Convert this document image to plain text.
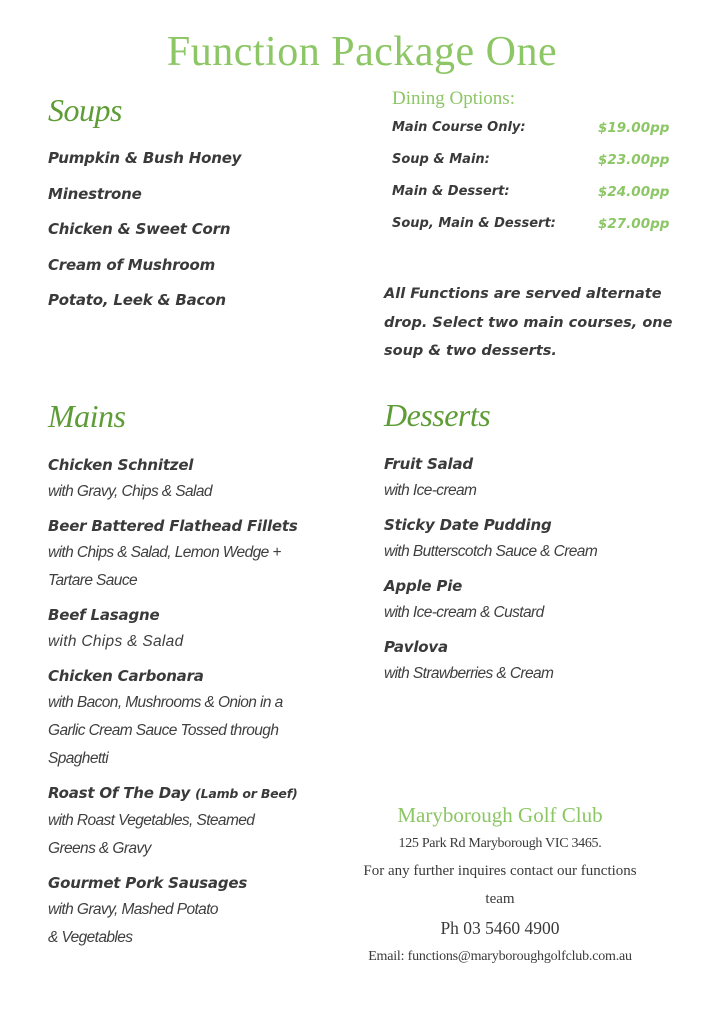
Function Package One
Soups
Pumpkin & Bush Honey
Minestrone
Chicken & Sweet Corn
Cream of Mushroom
Potato, Leek & Bacon
Dining Options:
Main Course Only:	$19.00pp
Soup & Main:	$23.00pp
Main & Dessert:	$24.00pp
Soup, Main & Dessert:	$27.00pp
All Functions are served alternate drop. Select two main courses, one soup & two desserts.
Mains
Chicken Schnitzel
with Gravy, Chips & Salad
Beer Battered Flathead Fillets
with Chips & Salad, Lemon Wedge +
Tartare Sauce
Beef Lasagne
with Chips & Salad
Chicken Carbonara
with Bacon, Mushrooms & Onion in a
Garlic Cream Sauce Tossed through
Spaghetti
Roast Of The Day (Lamb or Beef)
with Roast Vegetables, Steamed
Greens & Gravy
Gourmet Pork Sausages
with Gravy, Mashed Potato
& Vegetables
Desserts
Fruit Salad
with Ice-cream
Sticky Date Pudding
with Butterscotch Sauce & Cream
Apple Pie
with Ice-cream & Custard
Pavlova
with Strawberries & Cream
Maryborough Golf Club
125 Park Rd Maryborough VIC 3465.
For any further inquires contact our functions
team
Ph 03 5460 4900
Email: functions@maryboroughgolfclub.com.au
